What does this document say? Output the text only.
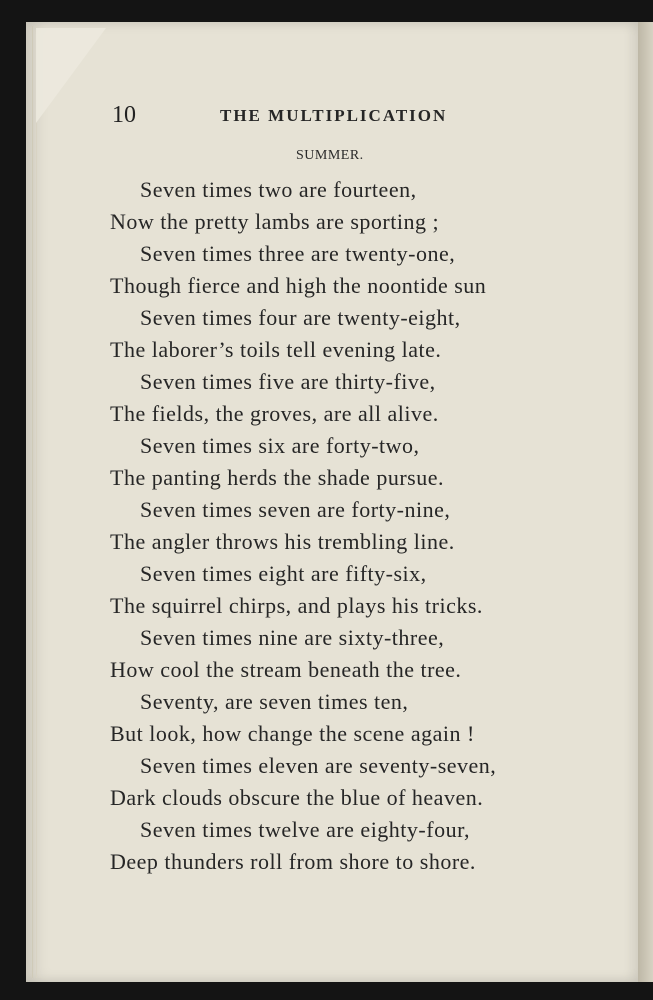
10	THE MULTIPLICATION
SUMMER.
Seven times two are fourteen,
Now the pretty lambs are sporting ;
Seven times three are twenty-one,
Though fierce and high the noontide sun
Seven times four are twenty-eight,
The laborer’s toils tell evening late.
Seven times five are thirty-five,
The fields, the groves, are all alive.
Seven times six are forty-two,
The panting herds the shade pursue.
Seven times seven are forty-nine,
The angler throws his trembling line.
Seven times eight are fifty-six,
The squirrel chirps, and plays his tricks.
Seven times nine are sixty-three,
How cool the stream beneath the tree.
Seventy, are seven times ten,
But look, how change the scene again !
Seven times eleven are seventy-seven,
Dark clouds obscure the blue of heaven.
Seven times twelve are eighty-four,
Deep thunders roll from shore to shore.
